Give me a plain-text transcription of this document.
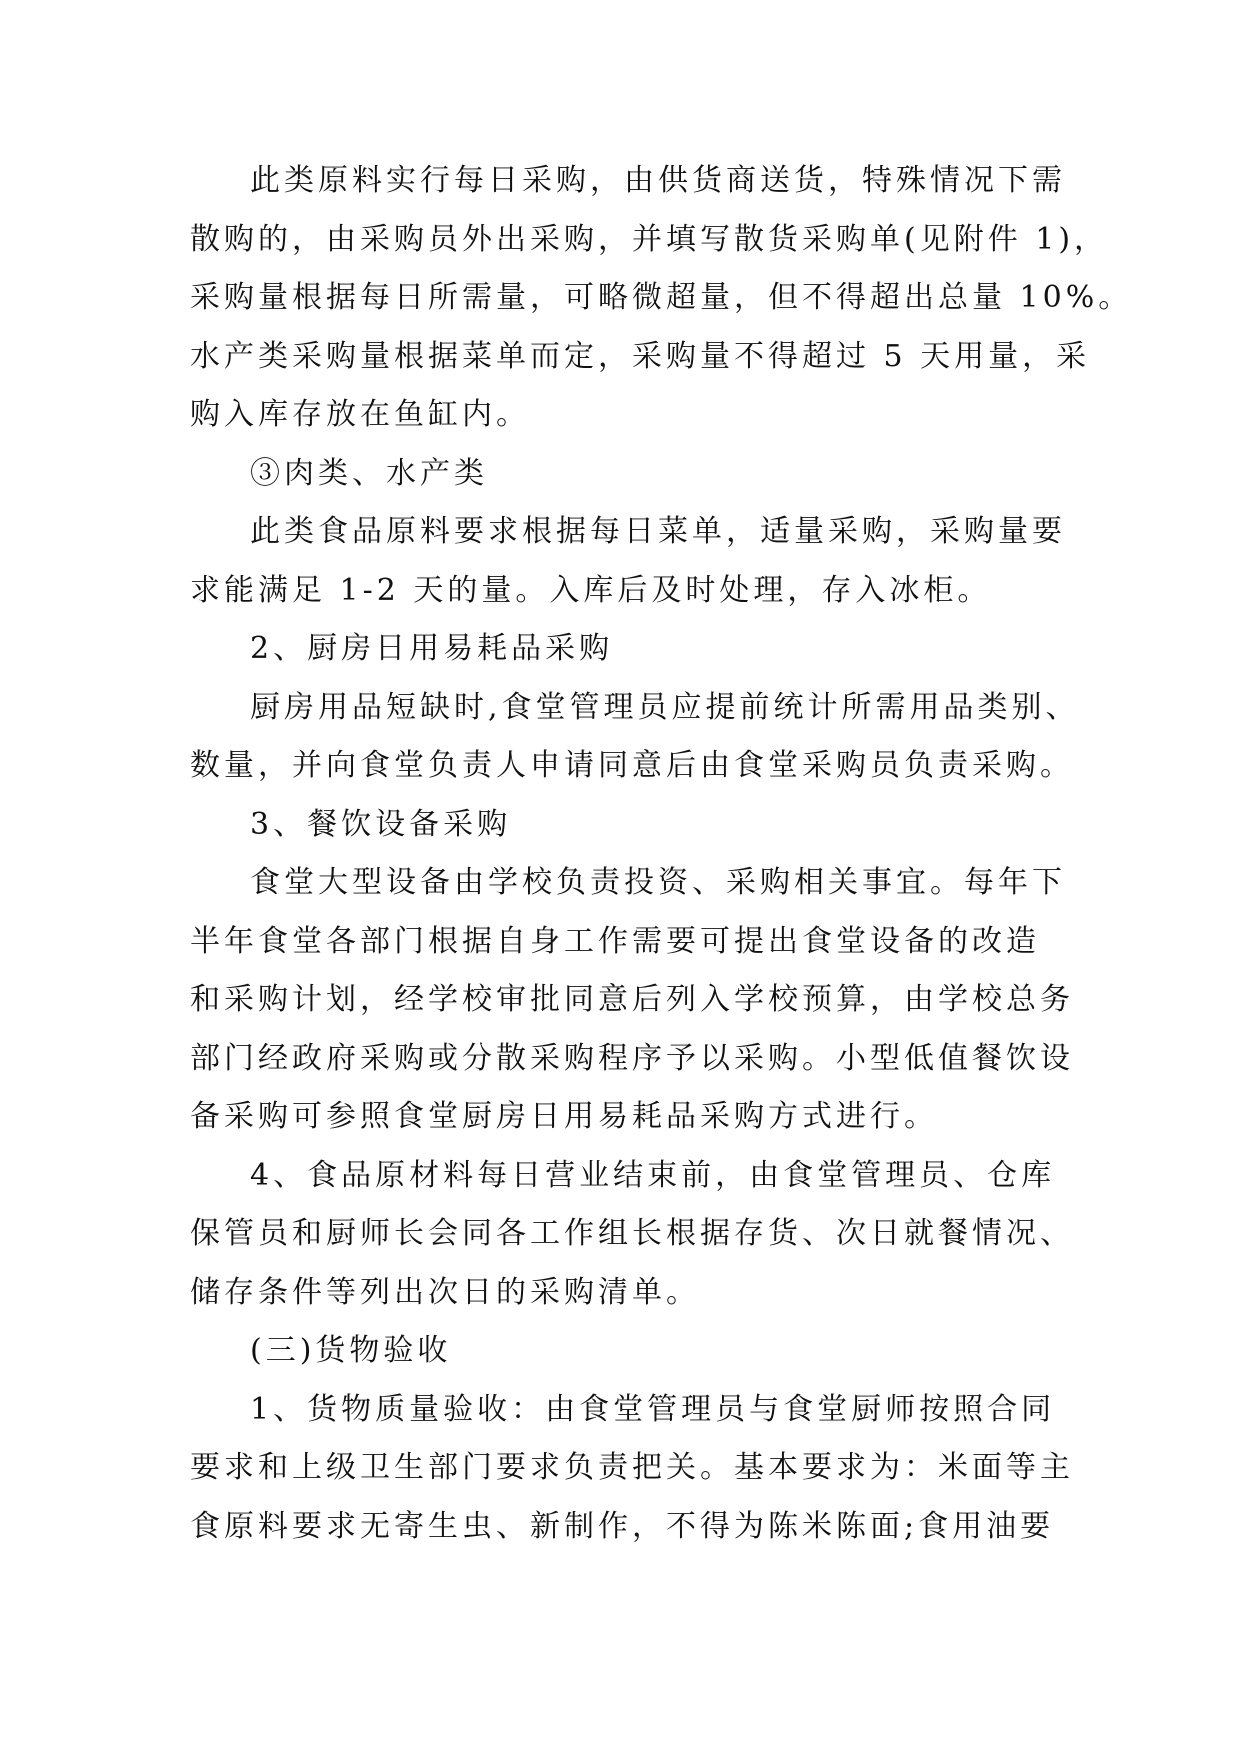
此类原料实行每日采购，由供货商送货，特殊情况下需
散购的，由采购员外出采购，并填写散货采购单(见附件 1)，
采购量根据每日所需量，可略微超量，但不得超出总量 10%。
水产类采购量根据菜单而定，采购量不得超过 5 天用量，采
购入库存放在鱼缸内。
③肉类、水产类
此类食品原料要求根据每日菜单，适量采购，采购量要
求能满足 1-2 天的量。入库后及时处理，存入冰柜。
2、厨房日用易耗品采购
厨房用品短缺时,食堂管理员应提前统计所需用品类别、
数量，并向食堂负责人申请同意后由食堂采购员负责采购。
3、餐饮设备采购
食堂大型设备由学校负责投资、采购相关事宜。每年下
半年食堂各部门根据自身工作需要可提出食堂设备的改造
和采购计划，经学校审批同意后列入学校预算，由学校总务
部门经政府采购或分散采购程序予以采购。小型低值餐饮设
备采购可参照食堂厨房日用易耗品采购方式进行。
4、食品原材料每日营业结束前，由食堂管理员、仓库
保管员和厨师长会同各工作组长根据存货、次日就餐情况、
储存条件等列出次日的采购清单。
(三)货物验收
1、货物质量验收：由食堂管理员与食堂厨师按照合同
要求和上级卫生部门要求负责把关。基本要求为：米面等主
食原料要求无寄生虫、新制作，不得为陈米陈面;食用油要
